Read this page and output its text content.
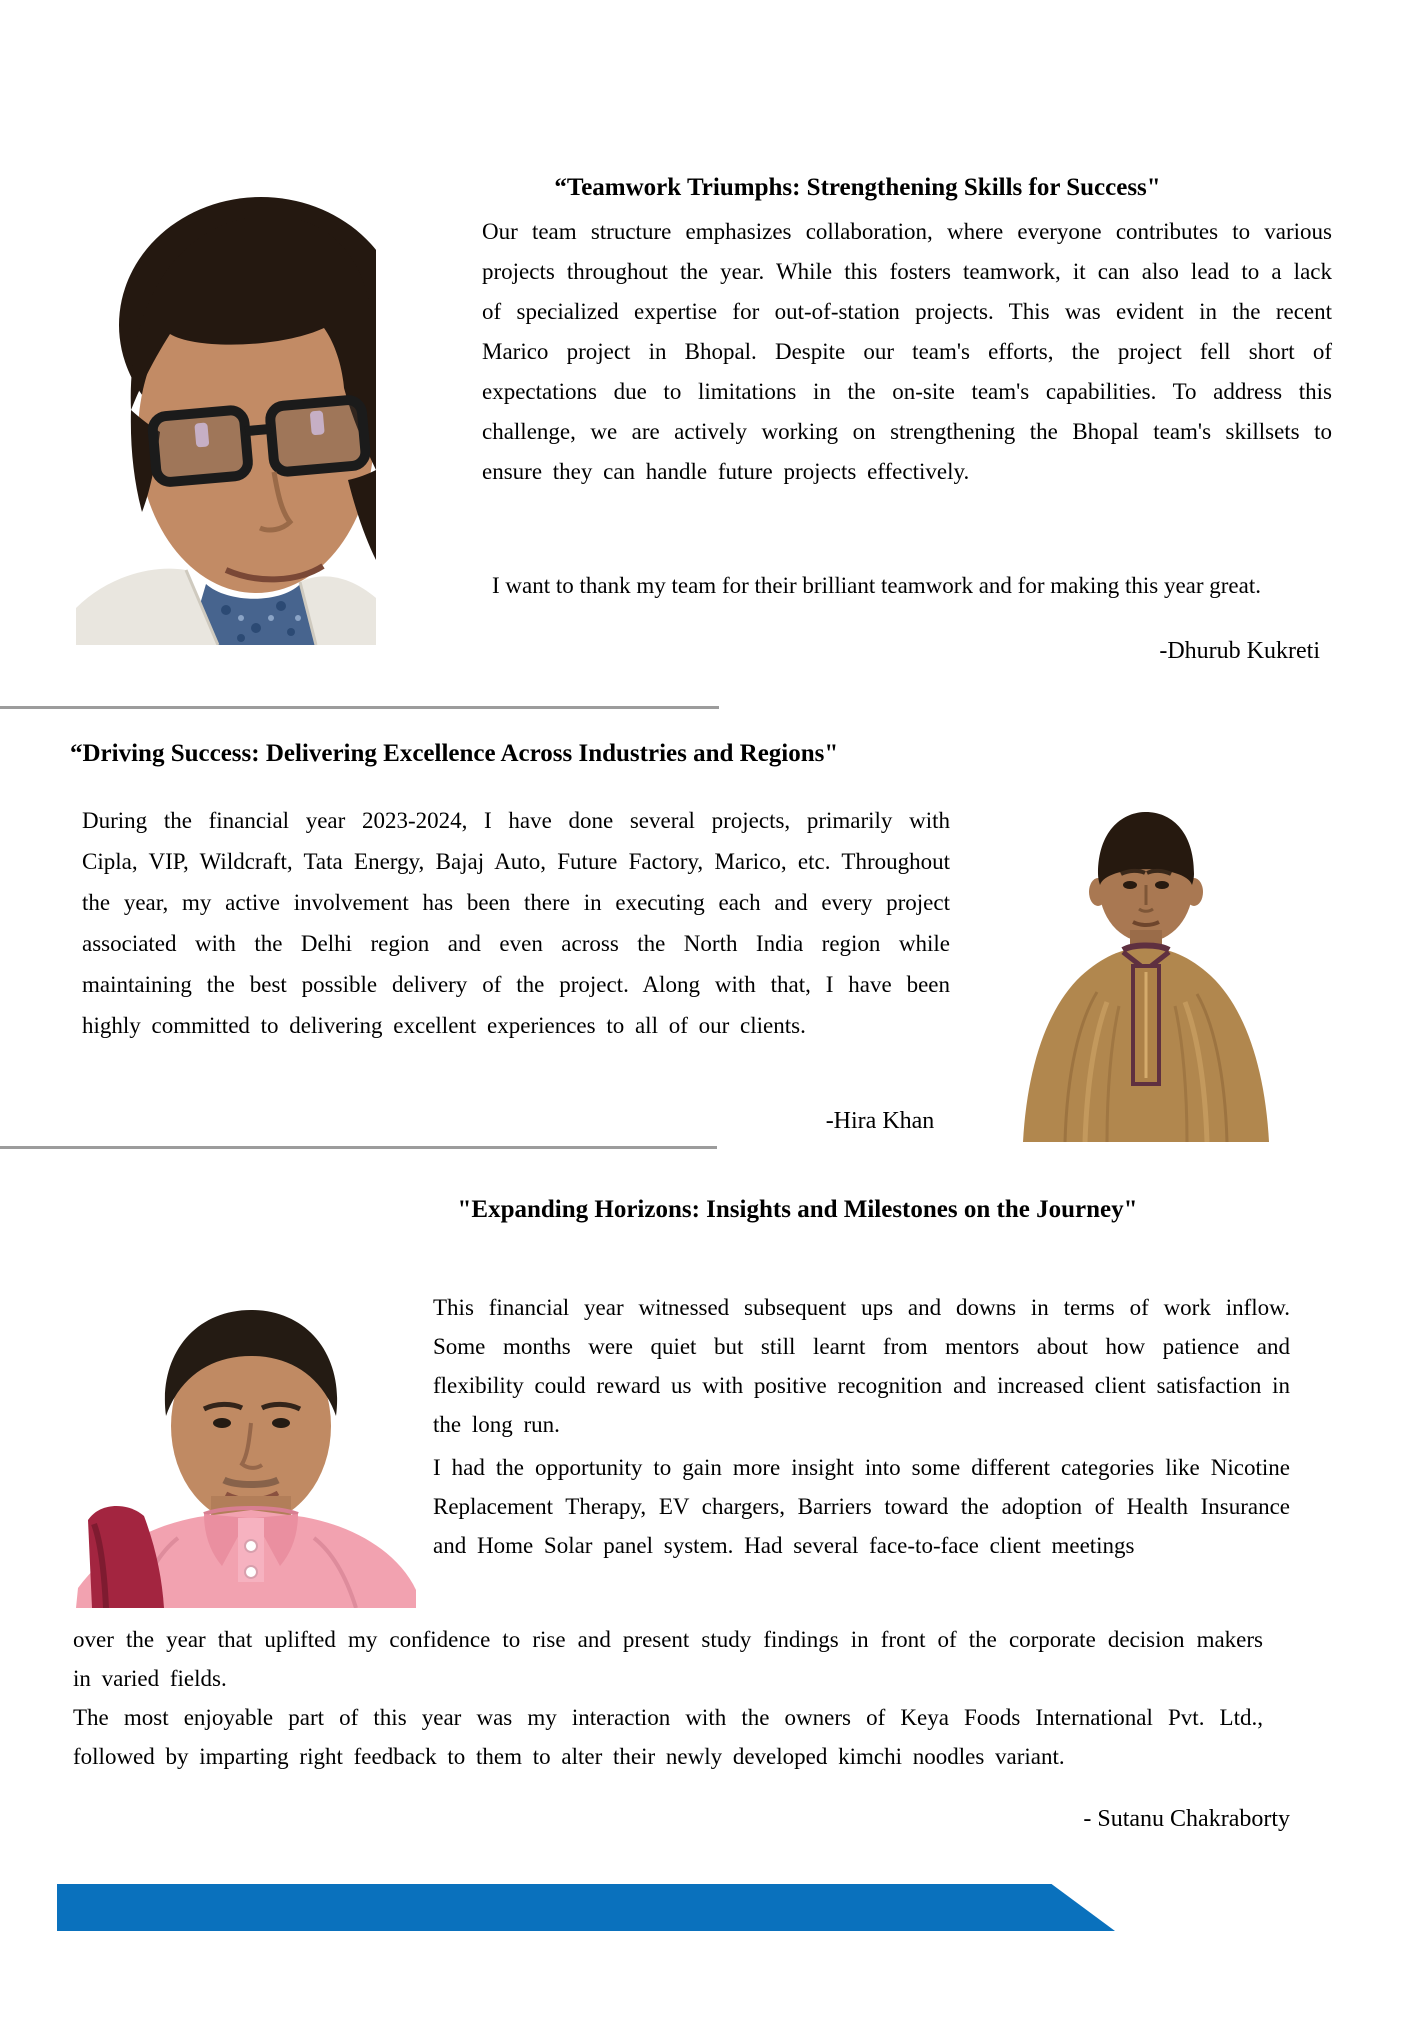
“Teamwork Triumphs: Strengthening Skills for Success"

Our team structure emphasizes collaboration, where everyone contributes to various projects throughout the year. While this fosters teamwork, it can also lead to a lack of specialized expertise for out-of-station projects. This was evident in the recent Marico project in Bhopal. Despite our team's efforts, the project fell short of expectations due to limitations in the on-site team's capabilities. To address this challenge, we are actively working on strengthening the Bhopal team's skillsets to ensure they can handle future projects effectively.

I want to thank my team for their brilliant teamwork and for making this year great.

-Dhurub Kukreti

“Driving Success: Delivering Excellence Across Industries and Regions"

During the financial year 2023-2024, I have done several projects, primarily with Cipla, VIP, Wildcraft, Tata Energy, Bajaj Auto, Future Factory, Marico, etc. Throughout the year, my active involvement has been there in executing each and every project associated with the Delhi region and even across the North India region while maintaining the best possible delivery of the project. Along with that, I have been highly committed to delivering excellent experiences to all of our clients.

-Hira Khan

"Expanding Horizons: Insights and Milestones on the Journey"

This financial year witnessed subsequent ups and downs in terms of work inflow. Some months were quiet but still learnt from mentors about how patience and flexibility could reward us with positive recognition and increased client satisfaction in the long run.

I had the opportunity to gain more insight into some different categories like Nicotine Replacement Therapy, EV chargers, Barriers toward the adoption of Health Insurance and Home Solar panel system. Had several face-to-face client meetings

over the year that uplifted my confidence to rise and present study findings in front of the corporate decision makers in varied fields.

The most enjoyable part of this year was my interaction with the owners of Keya Foods International Pvt. Ltd., followed by imparting right feedback to them to alter their newly developed kimchi noodles variant.

- Sutanu Chakraborty
